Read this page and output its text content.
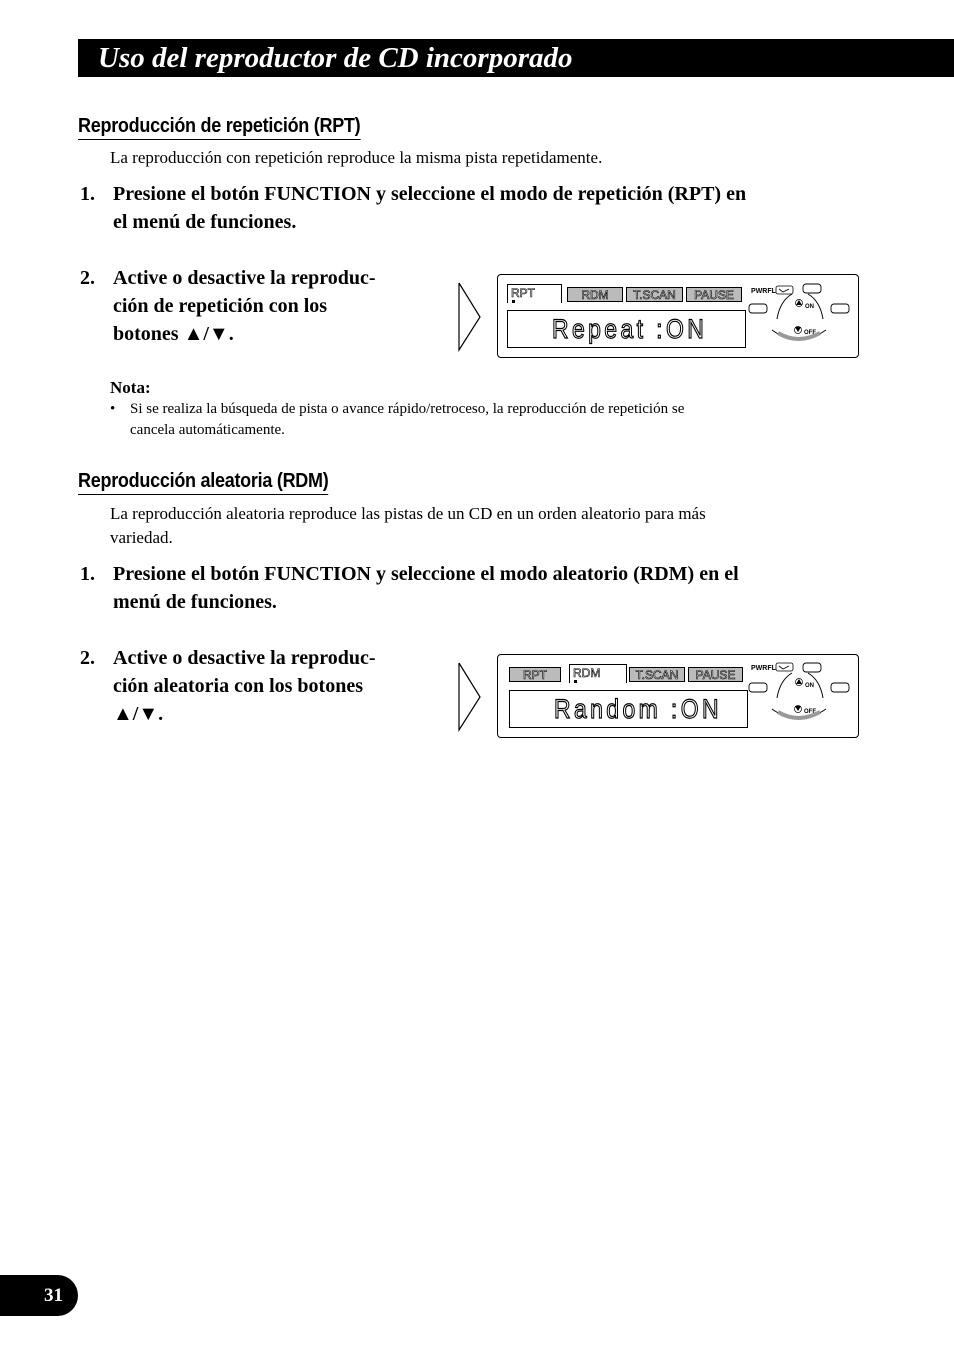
Uso del reproductor de CD incorporado
Reproducción de repetición (RPT)
La reproducción con repetición reproduce la misma pista repetidamente.
1. Presione el botón FUNCTION y seleccione el modo de repetición (RPT) en
el menú de funciones.
2. Active o desactive la reproduc-
ción de repetición con los
botones ▲/▼.
RPT	RDM	T.SCAN	PAUSE
Repeat :ON
PWRFL
ON
OFF
Nota:
• Si se realiza la búsqueda de pista o avance rápido/retroceso, la reproducción de repetición se
cancela automáticamente.
Reproducción aleatoria (RDM)
La reproducción aleatoria reproduce las pistas de un CD en un orden aleatorio para más
variedad.
1. Presione el botón FUNCTION y seleccione el modo aleatorio (RDM) en el
menú de funciones.
2. Active o desactive la reproduc-
ción aleatoria con los botones
▲/▼.
RPT	RDM	T.SCAN	PAUSE
Random :ON
PWRFL
ON
OFF
31
